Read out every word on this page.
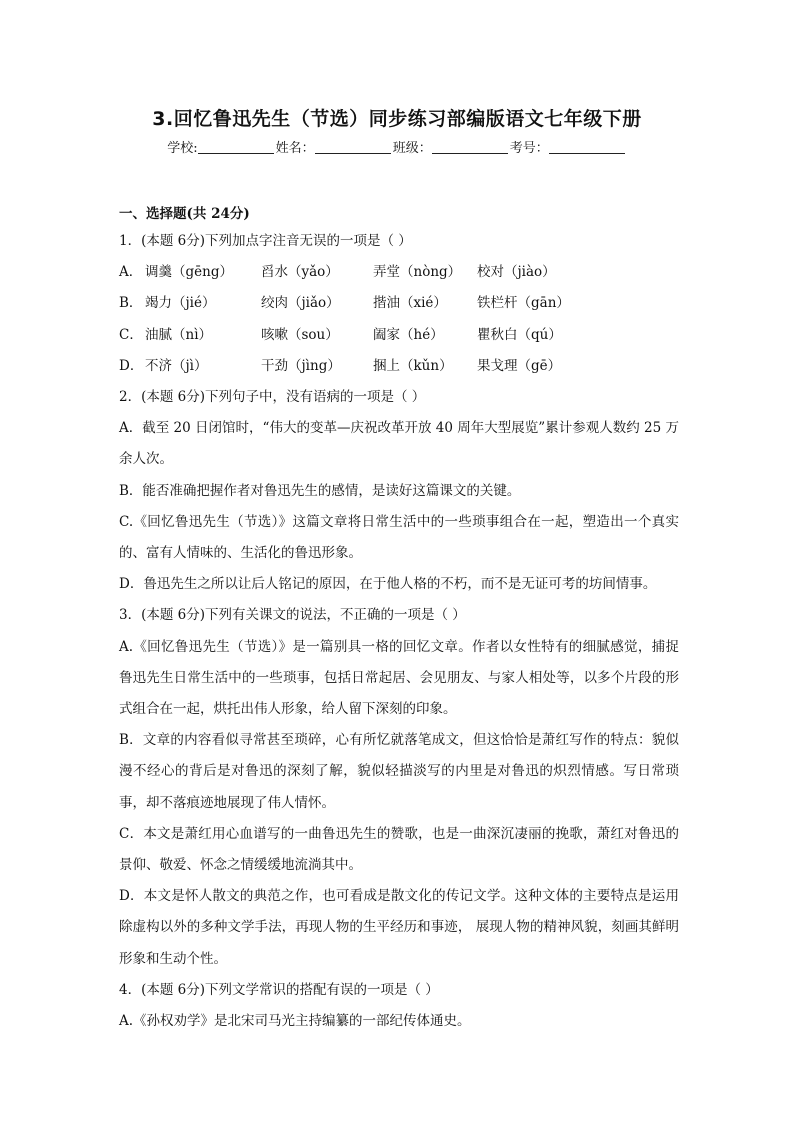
3.回忆鲁迅先生（节选）同步练习部编版语文七年级下册
学校:	姓名：	班级：	考号：
一、选择题(共 24分)
1．(本题 6分)下列加点字注音无误的一项是（ ）
A． 调羹（gēng） 舀水（yǎo）	弄堂（nòng） 校对（jiào）
B． 竭力（jié）	绞肉（jiǎo） 揩油（xié） 铁栏杆（gān）
C． 油腻（nì）	咳嗽（sou）	阖家（hé） 瞿秋白（qú）
D． 不济（jì）	干劲（jìng） 捆上（kǔn） 果戈理（gē）
2．(本题 6分)下列句子中，没有语病的一项是（ ）
A．截至 20 日闭馆时，“伟大的变革—庆祝改革开放 40 周年大型展览”累计参观人数约 25 万余人次。
B．能否准确把握作者对鲁迅先生的感情，是读好这篇课文的关键。
C.《回忆鲁迅先生（节选）》这篇文章将日常生活中的一些琐事组合在一起，塑造出一个真实的、富有人情味的、生活化的鲁迅形象。
D．鲁迅先生之所以让后人铭记的原因，在于他人格的不朽，而不是无证可考的坊间情事。
3．(本题 6分)下列有关课文的说法，不正确的一项是（ ）
A.《回忆鲁迅先生（节选）》是一篇别具一格的回忆文章。作者以女性特有的细腻感觉，捕捉鲁迅先生日常生活中的一些琐事，包括日常起居、会见朋友、与家人相处等，以多个片段的形式组合在一起，烘托出伟人形象，给人留下深刻的印象。
B．文章的内容看似寻常甚至琐碎，心有所忆就落笔成文，但这恰恰是萧红写作的特点：貌似漫不经心的背后是对鲁迅的深刻了解，貌似轻描淡写的内里是对鲁迅的炽烈情感。写日常琐事，却不落痕迹地展现了伟人情怀。
C．本文是萧红用心血谱写的一曲鲁迅先生的赞歌，也是一曲深沉凄丽的挽歌，萧红对鲁迅的景仰、敬爱、怀念之情缓缓地流淌其中。
D．本文是怀人散文的典范之作，也可看成是散文化的传记文学。这种文体的主要特点是运用除虚构以外的多种文学手法，再现人物的生平经历和事迹， 展现人物的精神风貌，刻画其鲜明形象和生动个性。
4．(本题 6分)下列文学常识的搭配有误的一项是（ ）
A.《孙权劝学》是北宋司马光主持编纂的一部纪传体通史。
